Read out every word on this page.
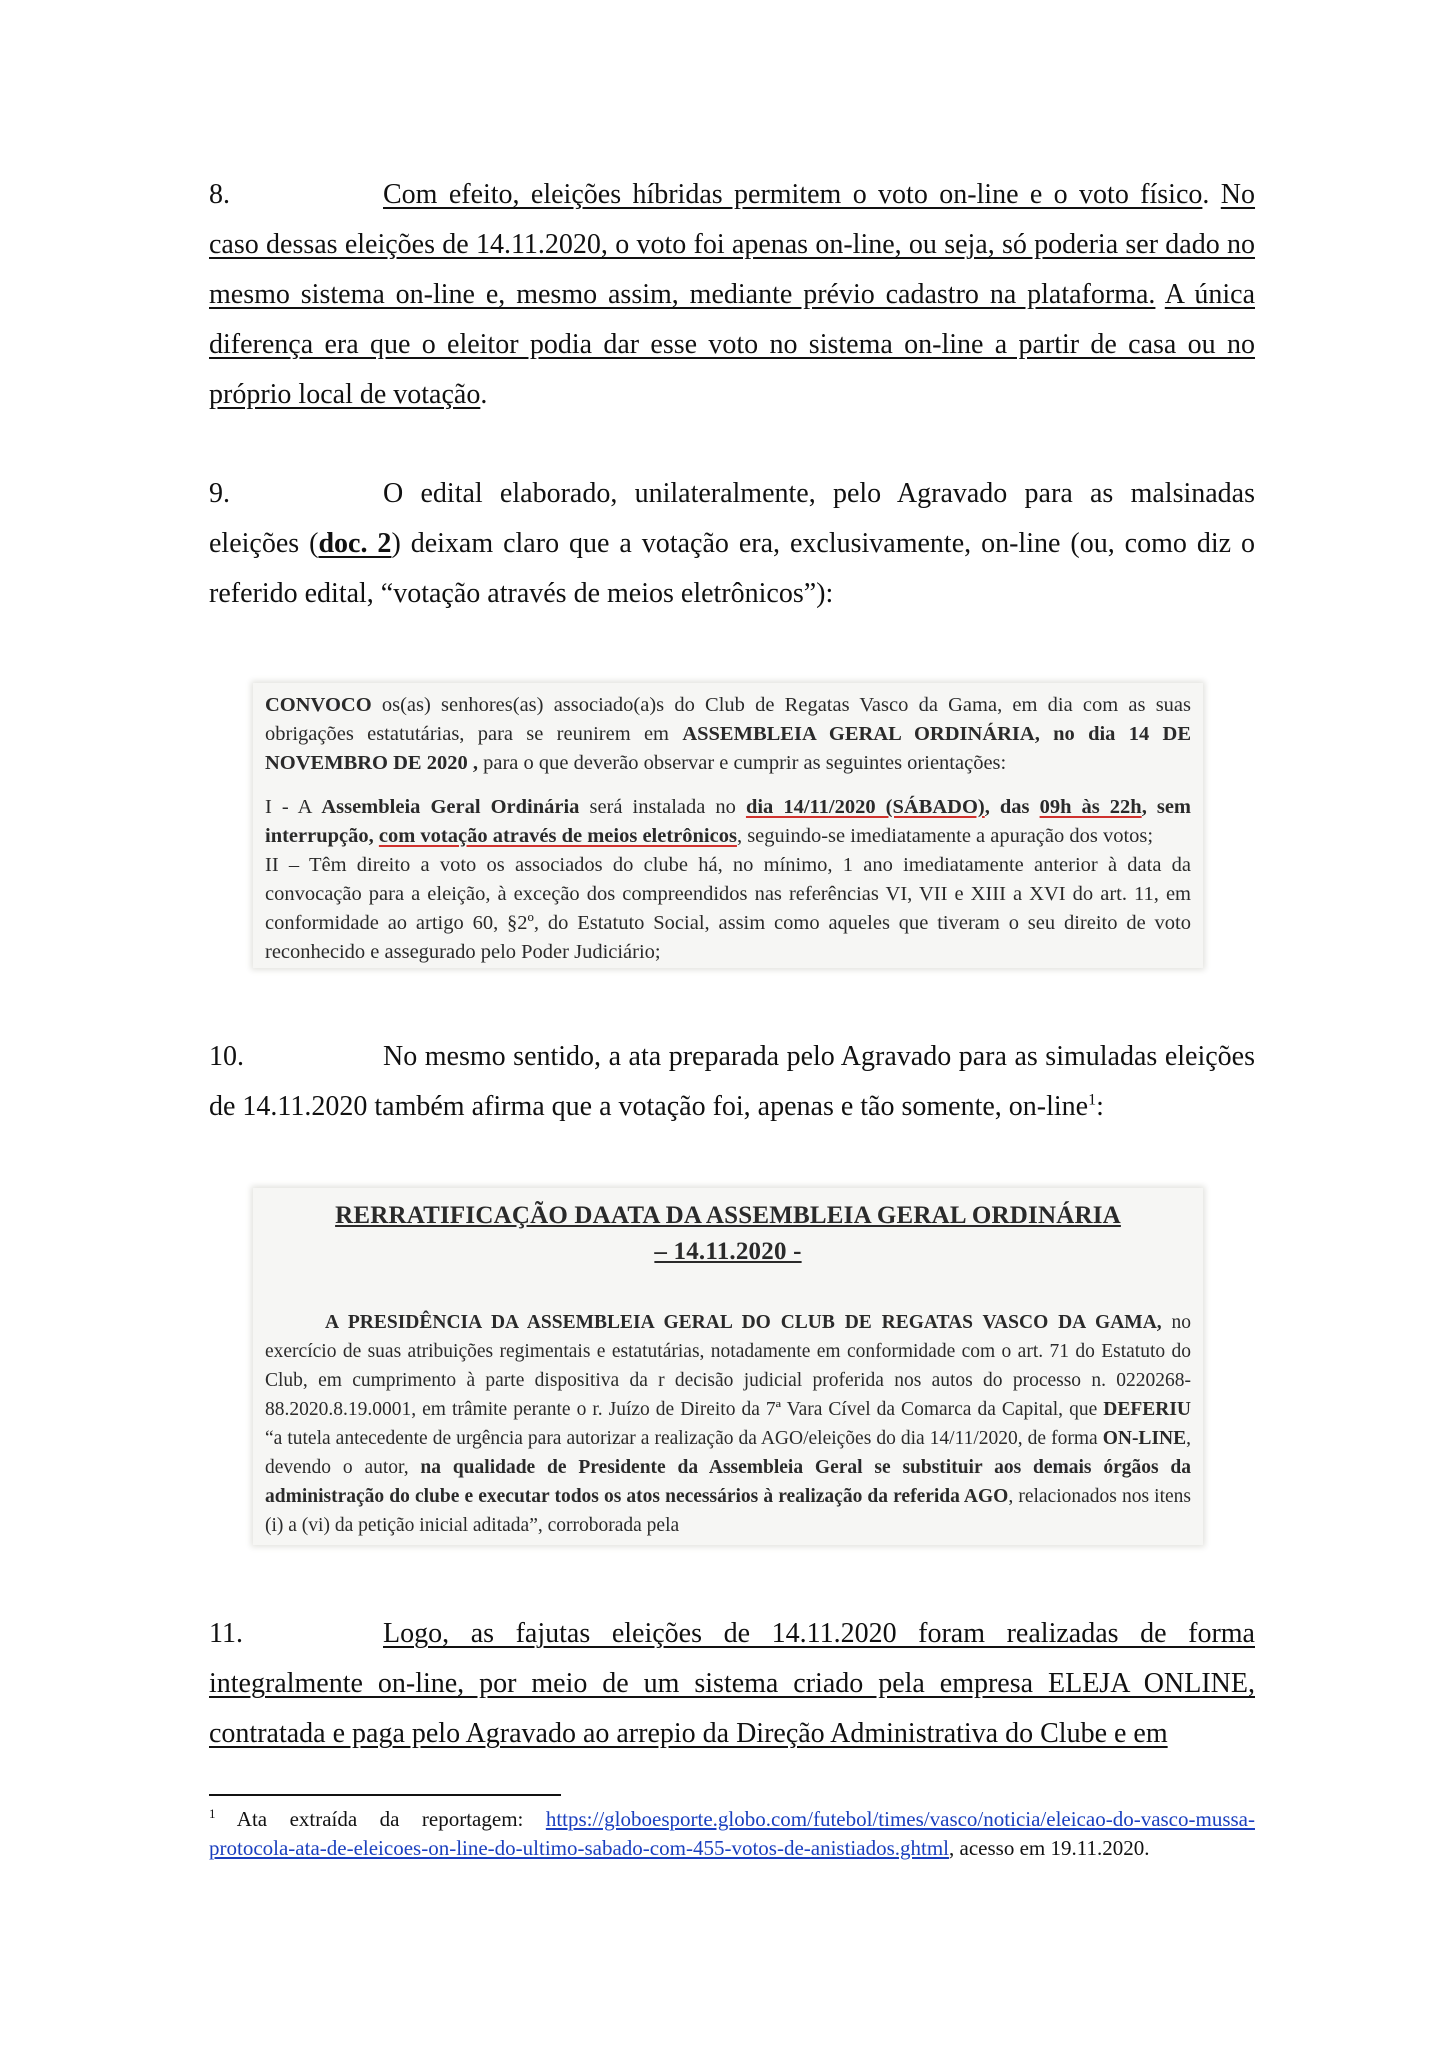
8.	Com efeito, eleições híbridas permitem o voto on-line e o voto físico. No caso dessas eleições de 14.11.2020, o voto foi apenas on-line, ou seja, só poderia ser dado no mesmo sistema on-line e, mesmo assim, mediante prévio cadastro na plataforma. A única diferença era que o eleitor podia dar esse voto no sistema on-line a partir de casa ou no próprio local de votação.

9.	O edital elaborado, unilateralmente, pelo Agravado para as malsinadas eleições (doc. 2) deixam claro que a votação era, exclusivamente, on-line (ou, como diz o referido edital, “votação através de meios eletrônicos”):

CONVOCO os(as) senhores(as) associado(a)s do Club de Regatas Vasco da Gama, em dia com as suas obrigações estatutárias, para se reunirem em ASSEMBLEIA GERAL ORDINÁRIA, no dia 14 DE NOVEMBRO DE 2020 , para o que deverão observar e cumprir as seguintes orientações:

I - A Assembleia Geral Ordinária será instalada no dia 14/11/2020 (SÁBADO), das 09h às 22h, sem interrupção, com votação através de meios eletrônicos, seguindo-se imediatamente a apuração dos votos;

II – Têm direito a voto os associados do clube há, no mínimo, 1 ano imediatamente anterior à data da convocação para a eleição, à exceção dos compreendidos nas referências VI, VII e XIII a XVI do art. 11, em conformidade ao artigo 60, §2º, do Estatuto Social, assim como aqueles que tiveram o seu direito de voto reconhecido e assegurado pelo Poder Judiciário;

10.	No mesmo sentido, a ata preparada pelo Agravado para as simuladas eleições de 14.11.2020 também afirma que a votação foi, apenas e tão somente, on-line$^1$:

RERRATIFICAÇÃO DAATA DA ASSEMBLEIA GERAL ORDINÁRIA
– 14.11.2020 -

A PRESIDÊNCIA DA ASSEMBLEIA GERAL DO CLUB DE REGATAS VASCO DA GAMA, no exercício de suas atribuições regimentais e estatutárias, notadamente em conformidade com o art. 71 do Estatuto do Club, em cumprimento à parte dispositiva da r decisão judicial proferida nos autos do processo n. 0220268-88.2020.8.19.0001, em trâmite perante o r. Juízo de Direito da 7ª Vara Cível da Comarca da Capital, que DEFERIU “a tutela antecedente de urgência para autorizar a realização da AGO/eleições do dia 14/11/2020, de forma ON-LINE, devendo o autor, na qualidade de Presidente da Assembleia Geral se substituir aos demais órgãos da administração do clube e executar todos os atos necessários à realização da referida AGO, relacionados nos itens (i) a (vi) da petição inicial aditada”, corroborada pela

11.	Logo, as fajutas eleições de 14.11.2020 foram realizadas de forma integralmente on-line, por meio de um sistema criado pela empresa ELEJA ONLINE, contratada e paga pelo Agravado ao arrepio da Direção Administrativa do Clube e em

$^1$ Ata extraída da reportagem: https://globoesporte.globo.com/futebol/times/vasco/noticia/eleicao-do-vasco-mussa-protocola-ata-de-eleicoes-on-line-do-ultimo-sabado-com-455-votos-de-anistiados.ghtml, acesso em 19.11.2020.
